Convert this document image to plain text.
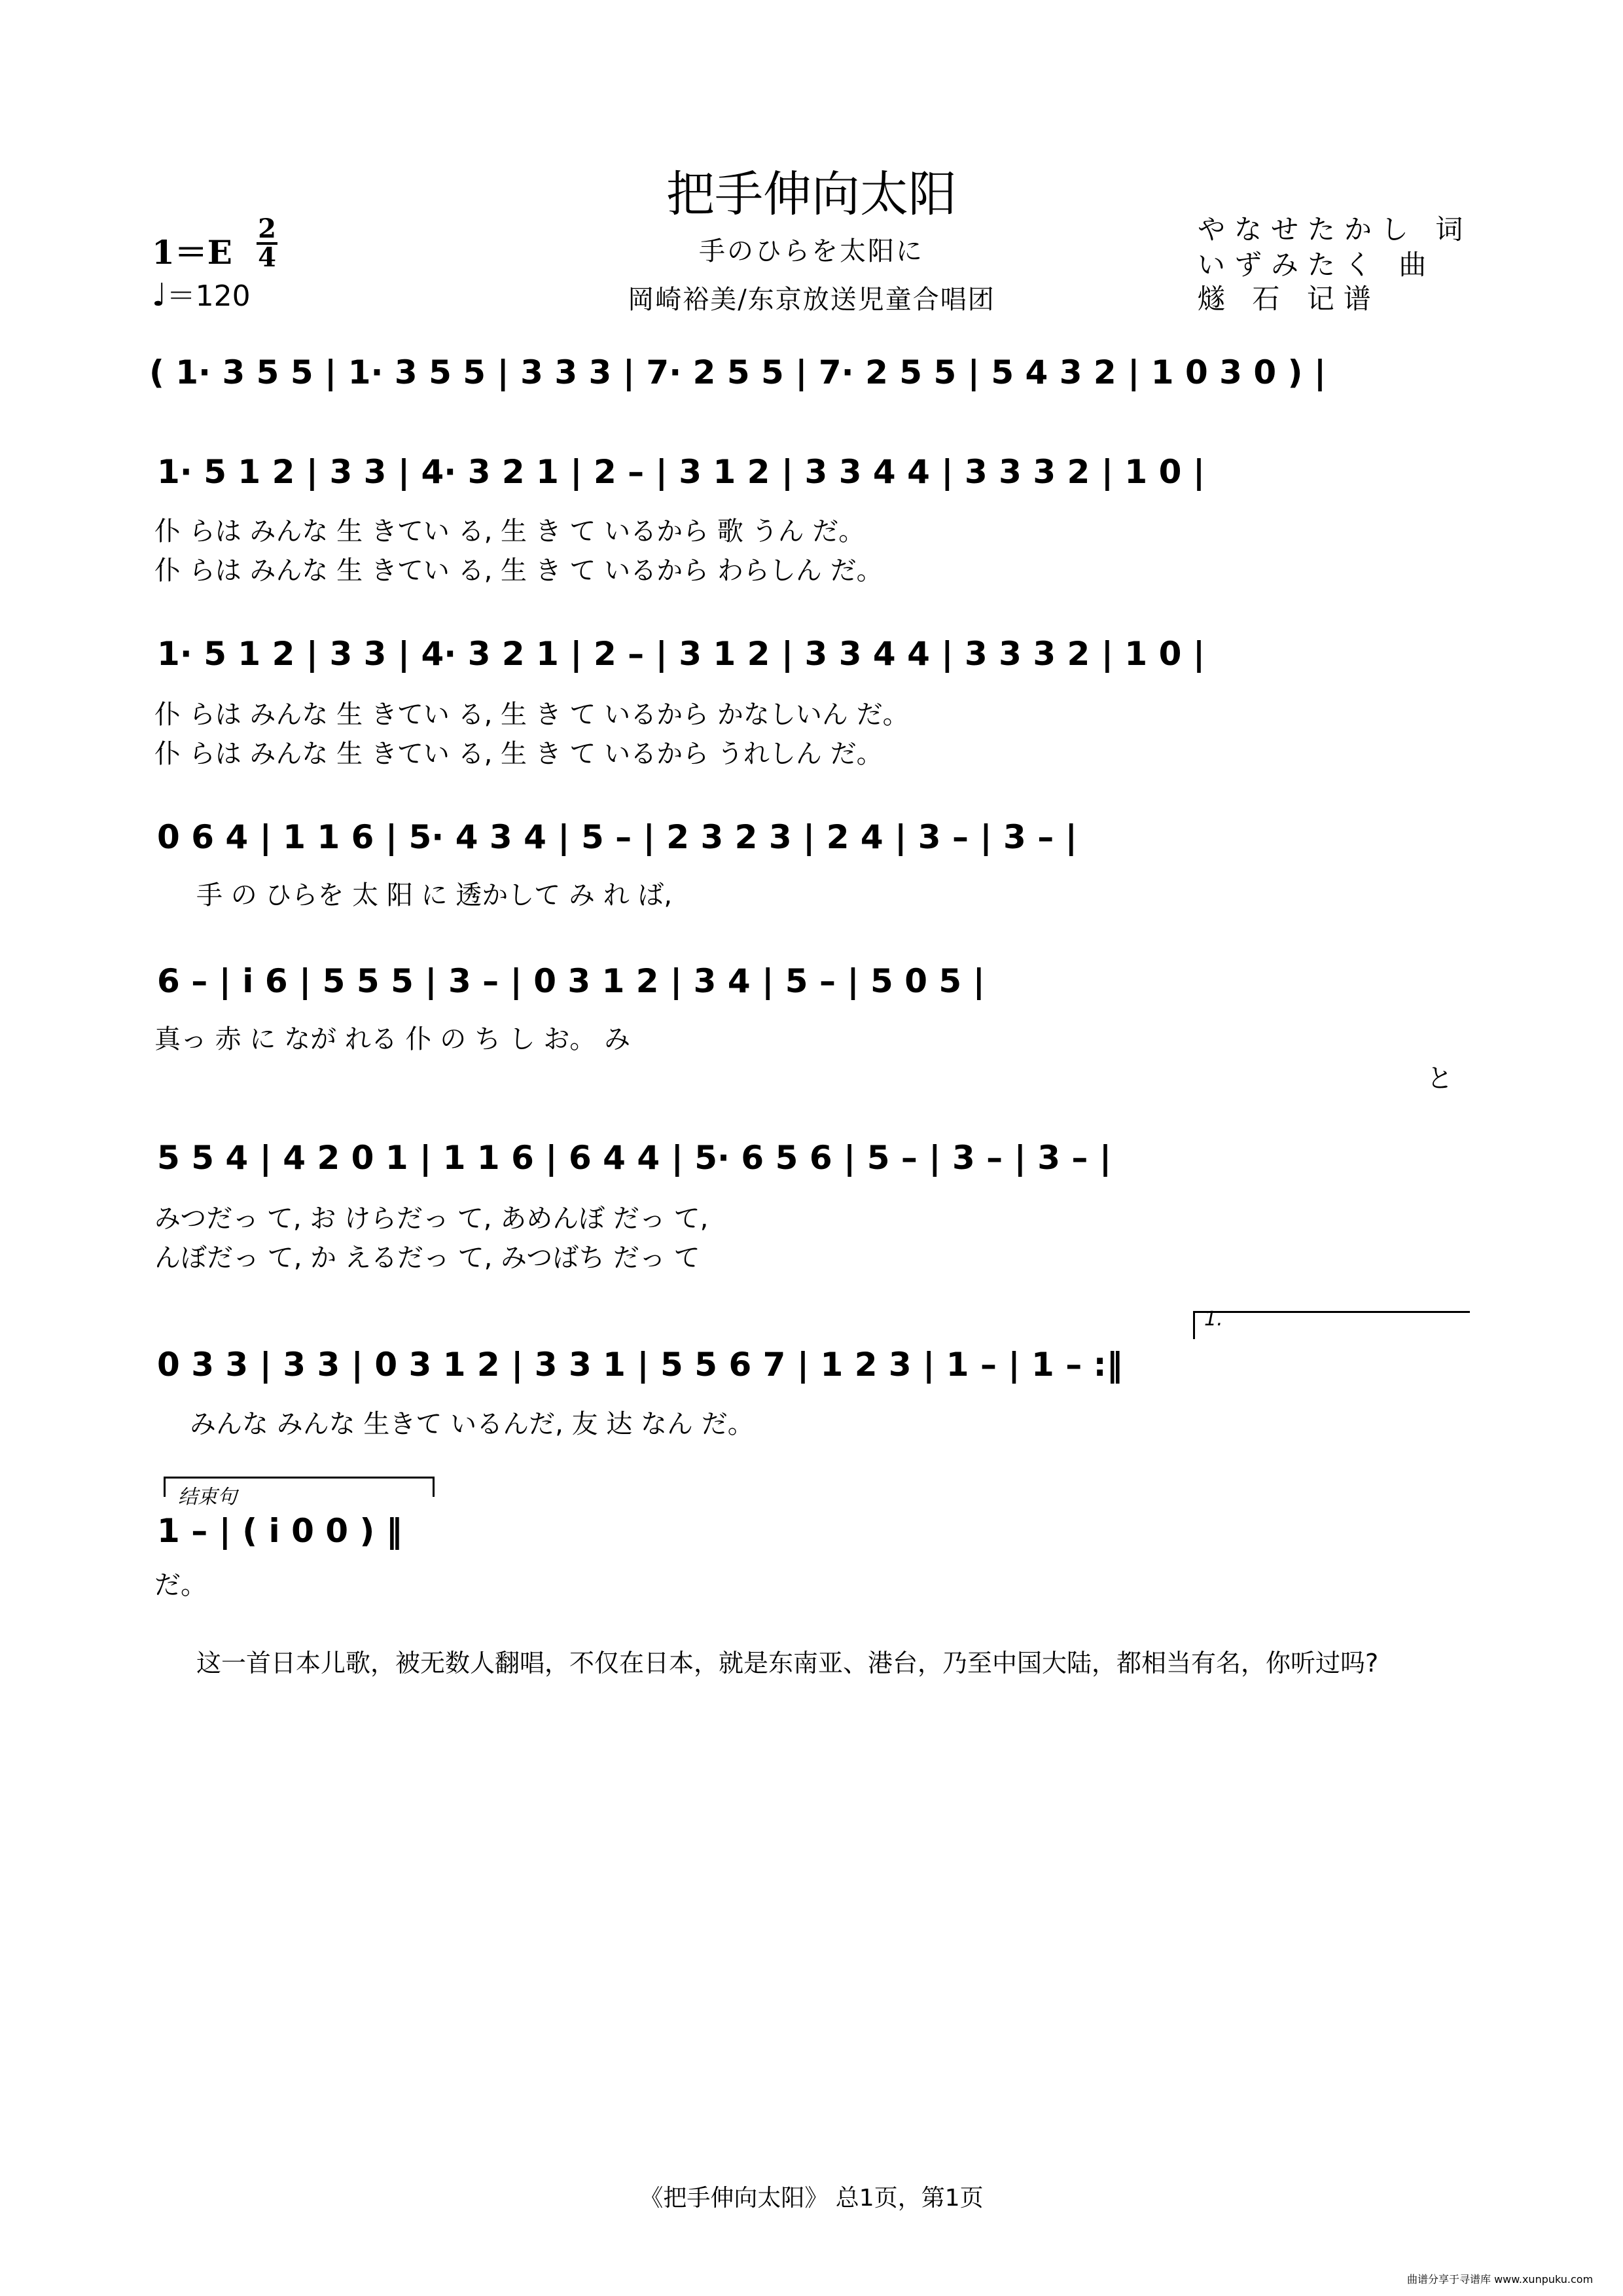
把手伸向太阳
手のひらを太阳に
岡崎裕美/东京放送児童合唱团
やなせたかし 词
いずみたく 曲
燧 石 记谱
1＝E
2
4
♩＝120
( 1· 3 5 5 | 1· 3 5 5 | 3 3 3 | 7· 2 5 5 | 7· 2 5 5 | 5 4 3 2 | 1 0 3 0 ) |
1· 5 1 2 | 3 3 | 4· 3 2 1 | 2 – | 3 1 2 | 3 3 4 4 | 3 3 3 2 | 1 0 |
仆 らは みんな 生 きてい る, 生 き て いるから 歌 うん だ。
仆 らは みんな 生 きてい る, 生 き て いるから わらしん だ。
1· 5 1 2 | 3 3 | 4· 3 2 1 | 2 – | 3 1 2 | 3 3 4 4 | 3 3 3 2 | 1 0 |
仆 らは みんな 生 きてい る, 生 き て いるから かなしいん だ。
仆 らは みんな 生 きてい る, 生 き て いるから うれしん だ。
0 6 4 | 1 1 6 | 5· 4 3 4 | 5 – | 2 3 2 3 | 2 4 | 3 – | 3 – |
手 の ひらを 太 阳 に 透かして み れ ば,
6 – | i 6 | 5 5 5 | 3 – | 0 3 1 2 | 3 4 | 5 – | 5 0 5 |
真っ 赤 に なが れる 仆 の ち し お。 み
と
5 5 4 | 4 2 0 1 | 1 1 6 | 6 4 4 | 5· 6 5 6 | 5 – | 3 – | 3 – |
みつだっ て, お けらだっ て, あめんぼ だっ て,
んぼだっ て, か えるだっ て, みつばち だっ て
1.
0 3 3 | 3 3 | 0 3 1 2 | 3 3 1 | 5 5 6 7 | 1 2 3 | 1 – | 1 – :‖
みんな みんな 生きて いるんだ, 友 达 なん だ。
结束句
1 – | ( i 0 0 ) ‖
だ。
这一首日本儿歌，被无数人翻唱，不仅在日本，就是东南亚、港台，乃至中国大陆，都相当有名，你听过吗?
《把手伸向太阳》 总1页，第1页
曲谱分享于寻谱库 www.xunpuku.com
